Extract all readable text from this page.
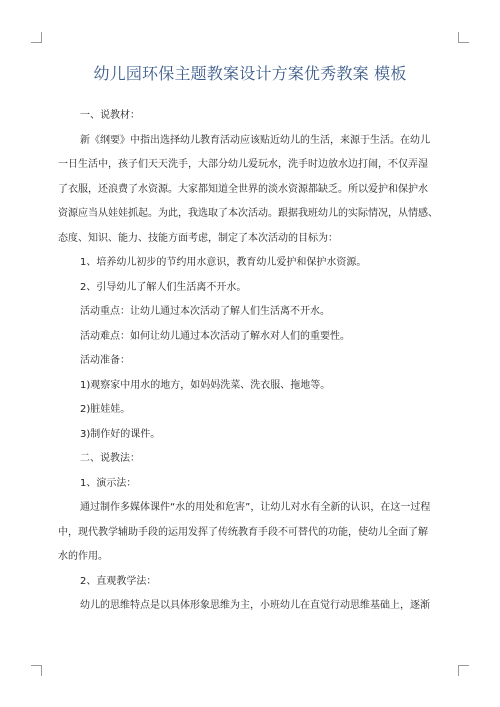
幼儿园环保主题教案设计方案优秀教案 模板
一、说教材：
新《纲要》中指出选择幼儿教育活动应该贴近幼儿的生活，来源于生活。在幼儿
一日生活中，孩子们天天洗手，大部分幼儿爱玩水，洗手时边放水边打闹，不仅弄湿
了衣服，还浪费了水资源。大家都知道全世界的淡水资源都缺乏。所以爱护和保护水
资源应当从娃娃抓起。为此，我选取了本次活动。跟据我班幼儿的实际情况，从情感、
态度、知识、能力、技能方面考虑，制定了本次活动的目标为：
1、培养幼儿初步的节约用水意识，教育幼儿爱护和保护水资源。
2、引导幼儿了解人们生活离不开水。
活动重点：让幼儿通过本次活动了解人们生活离不开水。
活动难点：如何让幼儿通过本次活动了解水对人们的重要性。
活动准备：
1)观察家中用水的地方，如妈妈洗菜、洗衣服、拖地等。
2)脏娃娃。
3)制作好的课件。
二、说教法：
1、演示法：
通过制作多媒体课件“水的用处和危害”，让幼儿对水有全新的认识，在这一过程
中，现代教学辅助手段的运用发挥了传统教育手段不可替代的功能，使幼儿全面了解
水的作用。
2、直观教学法：
幼儿的思维特点是以具体形象思维为主，小班幼儿在直觉行动思维基础上，逐渐
